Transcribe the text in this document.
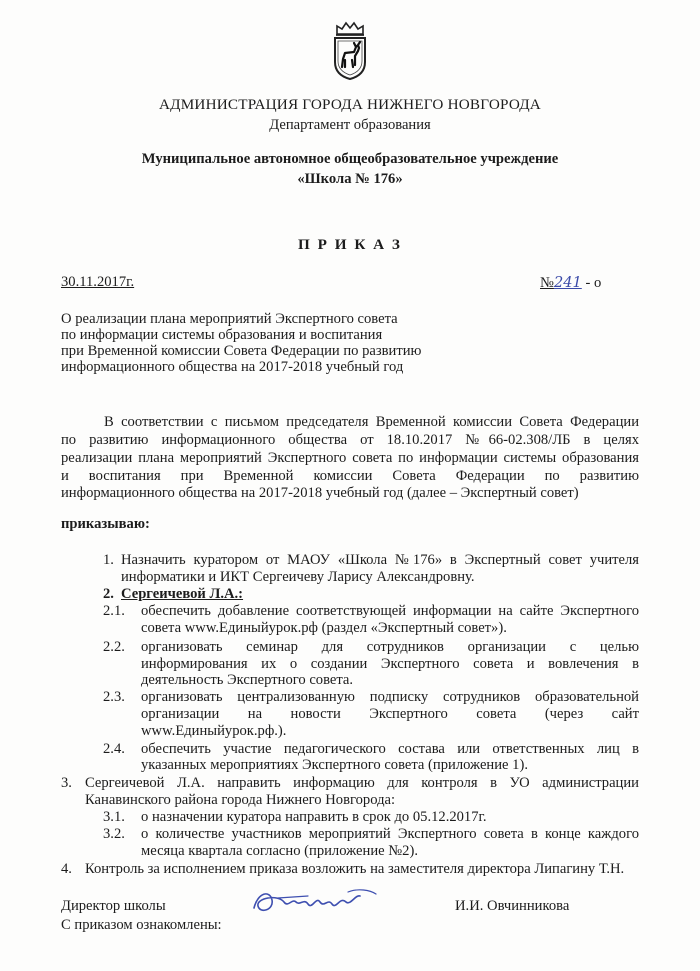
АДМИНИСТРАЦИЯ ГОРОДА НИЖНЕГО НОВГОРОДА
Департамент образования
Муниципальное автономное общеобразовательное учреждение
«Школа № 176»
П Р И К А З
30.11.2017г.	№241 - о
О реализации плана мероприятий Экспертного совета
по информации системы образования и воспитания
при Временной комиссии Совета Федерации по развитию
информационного общества на 2017-2018 учебный год
В соответствии с письмом председателя Временной комиссии Совета Федерации
по развитию информационного общества от 18.10.2017 №66-02.308/ЛБ в целях
реализации плана мероприятий Экспертного совета по информации системы образования
и воспитания при Временной комиссии Совета Федерации по развитию
информационного общества на 2017-2018 учебный год (далее – Экспертный совет)
приказываю:
1. Назначить куратором от МАОУ «Школа №176» в Экспертный совет учителя
информатики и ИКТ Сергеичеву Ларису Александровну.
2. Сергеичевой Л.А.:
2.1. обеспечить добавление соответствующей информации на сайте Экспертного
совета www.Единыйурок.рф (раздел «Экспертный совет»).
2.2. организовать семинар для сотрудников организации с целью
информирования их о создании Экспертного совета и вовлечения в
деятельность Экспертного совета.
2.3. организовать централизованную подписку сотрудников образовательной
организации на новости Экспертного совета (через сайт
www.Единыйурок.рф.).
2.4. обеспечить участие педагогического состава или ответственных лиц в
указанных мероприятиях Экспертного совета (приложение 1).
3. Сергеичевой Л.А. направить информацию для контроля в УО администрации
Канавинского района города Нижнего Новгорода:
3.1. о назначении куратора направить в срок до 05.12.2017г.
3.2. о количестве участников мероприятий Экспертного совета в конце каждого
месяца квартала согласно (приложение №2).
4. Контроль за исполнением приказа возложить на заместителя директора Липагину Т.Н.
Директор школы	И.И. Овчинникова
С приказом ознакомлены:
